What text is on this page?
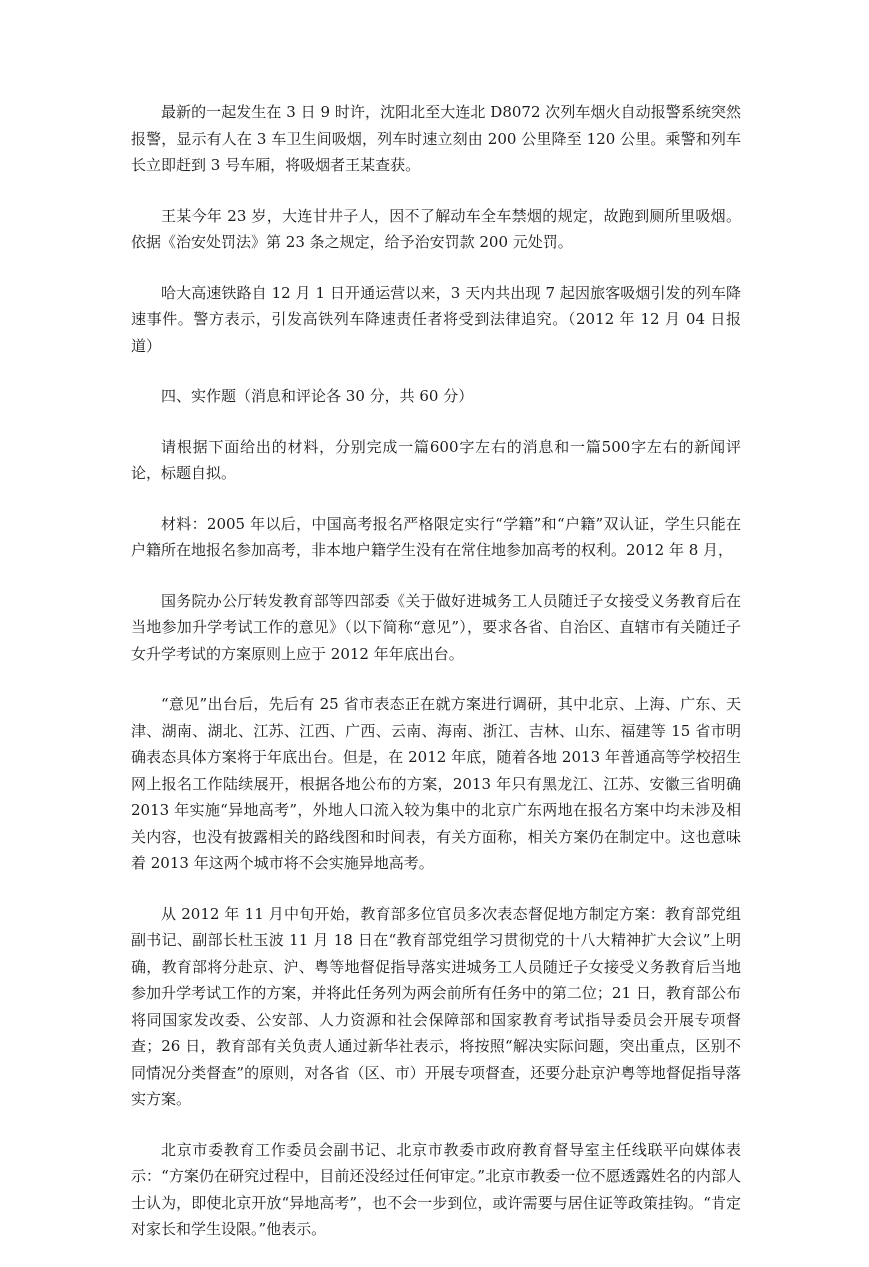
最新的一起发生在 3 日 9 时许，沈阳北至大连北 D8072 次列车烟火自动报警系统突然报警，显示有人在 3 车卫生间吸烟，列车时速立刻由 200 公里降至 120 公里。乘警和列车长立即赶到 3 号车厢，将吸烟者王某查获。

王某今年 23 岁，大连甘井子人，因不了解动车全车禁烟的规定，故跑到厕所里吸烟。依据《治安处罚法》第 23 条之规定，给予治安罚款 200 元处罚。

哈大高速铁路自 12 月 1 日开通运营以来，3 天内共出现 7 起因旅客吸烟引发的列车降速事件。警方表示，引发高铁列车降速责任者将受到法律追究。（2012 年 12 月 04 日报道）

四、实作题（消息和评论各 30 分，共 60 分）

请根据下面给出的材料，分别完成一篇600字左右的消息和一篇500字左右的新闻评论，标题自拟。

材料：2005 年以后，中国高考报名严格限定实行“学籍”和“户籍”双认证，学生只能在户籍所在地报名参加高考，非本地户籍学生没有在常住地参加高考的权利。2012 年 8 月，

国务院办公厅转发教育部等四部委《关于做好进城务工人员随迁子女接受义务教育后在当地参加升学考试工作的意见》（以下简称“意见”），要求各省、自治区、直辖市有关随迁子女升学考试的方案原则上应于 2012 年年底出台。

“意见”出台后，先后有 25 省市表态正在就方案进行调研，其中北京、上海、广东、天津、湖南、湖北、江苏、江西、广西、云南、海南、浙江、吉林、山东、福建等 15 省市明确表态具体方案将于年底出台。但是，在 2012 年底，随着各地 2013 年普通高等学校招生网上报名工作陆续展开，根据各地公布的方案，2013 年只有黑龙江、江苏、安徽三省明确 2013 年实施“异地高考”，外地人口流入较为集中的北京广东两地在报名方案中均未涉及相关内容，也没有披露相关的路线图和时间表，有关方面称，相关方案仍在制定中。这也意味着 2013 年这两个城市将不会实施异地高考。

从 2012 年 11 月中旬开始，教育部多位官员多次表态督促地方制定方案：教育部党组副书记、副部长杜玉波 11 月 18 日在“教育部党组学习贯彻党的十八大精神扩大会议”上明确，教育部将分赴京、沪、粤等地督促指导落实进城务工人员随迁子女接受义务教育后当地参加升学考试工作的方案，并将此任务列为两会前所有任务中的第二位；21 日，教育部公布将同国家发改委、公安部、人力资源和社会保障部和国家教育考试指导委员会开展专项督查；26 日，教育部有关负责人通过新华社表示，将按照“解决实际问题，突出重点，区别不同情况分类督查”的原则，对各省（区、市）开展专项督查，还要分赴京沪粤等地督促指导落实方案。

北京市委教育工作委员会副书记、北京市教委市政府教育督导室主任线联平向媒体表示：“方案仍在研究过程中，目前还没经过任何审定。”北京市教委一位不愿透露姓名的内部人士认为，即使北京开放“异地高考”，也不会一步到位，或许需要与居住证等政策挂钩。“肯定对家长和学生设限。”他表示。
